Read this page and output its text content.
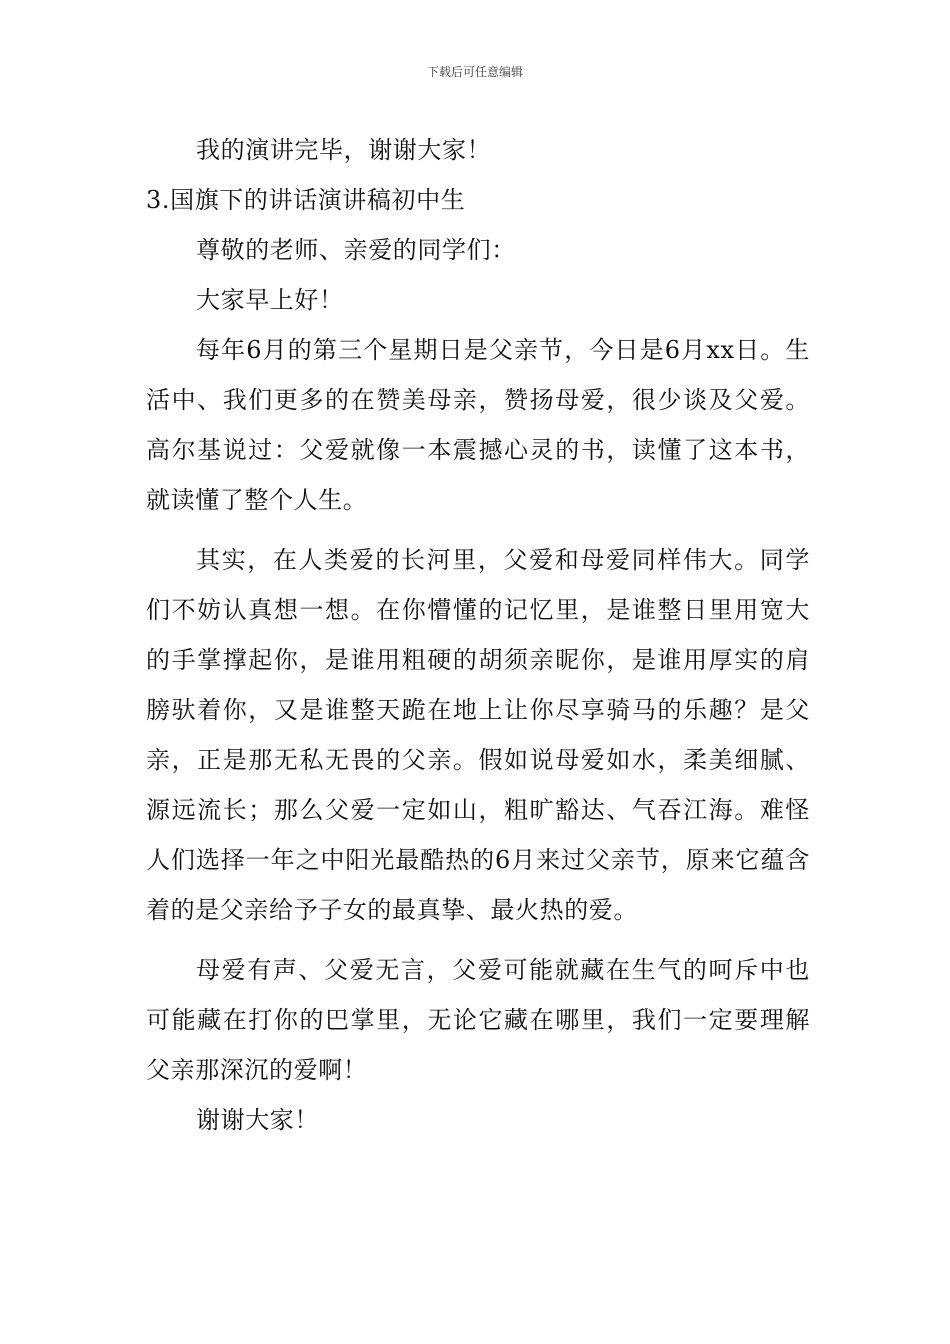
下载后可任意编辑

我的演讲完毕，谢谢大家！

3.国旗下的讲话演讲稿初中生

尊敬的老师、亲爱的同学们：

大家早上好！

每年6月的第三个星期日是父亲节，今日是6月xx日。生活中、我们更多的在赞美母亲，赞扬母爱，很少谈及父爱。高尔基说过：父爱就像一本震撼心灵的书，读懂了这本书，就读懂了整个人生。

其实，在人类爱的长河里，父爱和母爱同样伟大。同学们不妨认真想一想。在你懵懂的记忆里，是谁整日里用宽大的手掌撑起你，是谁用粗硬的胡须亲昵你，是谁用厚实的肩膀驮着你，又是谁整天跪在地上让你尽享骑马的乐趣？是父亲，正是那无私无畏的父亲。假如说母爱如水，柔美细腻、源远流长；那么父爱一定如山，粗旷豁达、气吞江海。难怪人们选择一年之中阳光最酷热的6月来过父亲节，原来它蕴含着的是父亲给予子女的最真挚、最火热的爱。

母爱有声、父爱无言，父爱可能就藏在生气的呵斥中也可能藏在打你的巴掌里，无论它藏在哪里，我们一定要理解父亲那深沉的爱啊！

谢谢大家！
